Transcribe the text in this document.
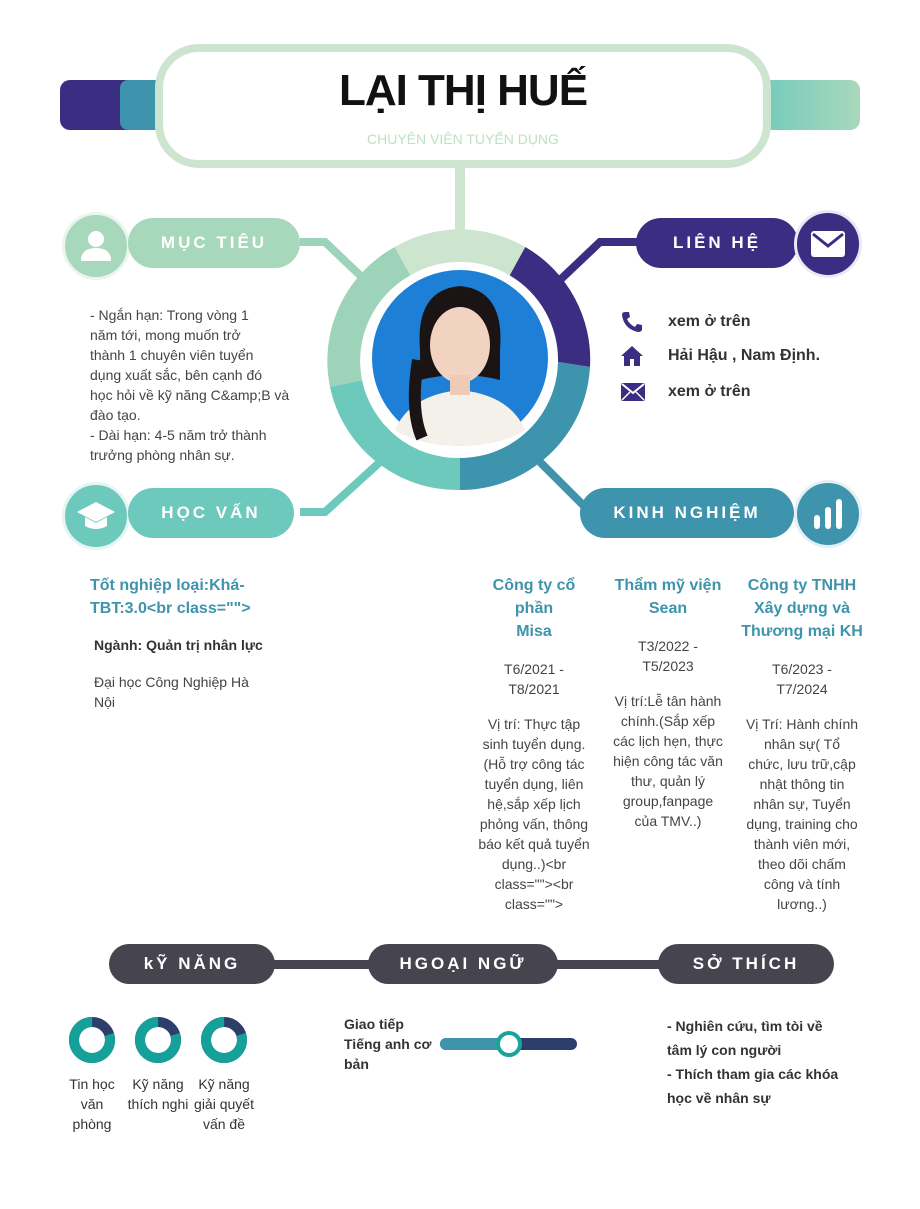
LẠI THỊ HUẾ
CHUYÊN VIÊN TUYỂN DỤNG
MỤC TIÊU
- Ngắn hạn: Trong vòng 1
năm tới, mong muốn trở
thành 1 chuyên viên tuyển
dụng xuất sắc, bên cạnh đó
học hỏi về kỹ năng C&amp;B và
đào tạo.
- Dài hạn: 4-5 năm trở thành
trưởng phòng nhân sự.
LIÊN HỆ
xem ở trên
Hải Hậu , Nam Định.
xem ở trên
HỌC VẤN
Tốt nghiệp loại:Khá-
TBT:3.0<br class="">
Ngành: Quản trị nhân lực
Đại học Công Nghiệp Hà
Nội
KINH NGHIỆM
Công ty cổ phần
Misa
T6/2021 -
T8/2021
Vị trí: Thực tập
sinh tuyển dụng.
(Hỗ trợ công tác
tuyển dụng, liên
hệ,sắp xếp lịch
phỏng vấn, thông
báo kết quả tuyển
dụng..)<br
class=""><br
class="">
Thẩm mỹ viện
Sean
T3/2022 -
T5/2023
Vị trí:Lễ tân hành
chính.(Sắp xếp
các lịch hẹn, thực
hiện công tác văn
thư, quản lý
group,fanpage
của TMV..)
Công ty TNHH
Xây dựng và
Thương mại KH
T6/2023 -
T7/2024
Vị Trí: Hành chính
nhân sự( Tổ
chức, lưu trữ,cập
nhật thông tin
nhân sự, Tuyển
dụng, training cho
thành viên mới,
theo dõi chấm
công và tính
lương..)
kỸ NĂNG	HGOẠI NGỮ	SỞ THÍCH
Tin học
văn
phòng
Kỹ năng
thích nghi
Kỹ năng
giải quyết
vấn đề
Giao tiếp
Tiếng anh cơ
bản
- Nghiên cứu, tìm tòi về
tâm lý con người
- Thích tham gia các khóa
học về nhân sự
